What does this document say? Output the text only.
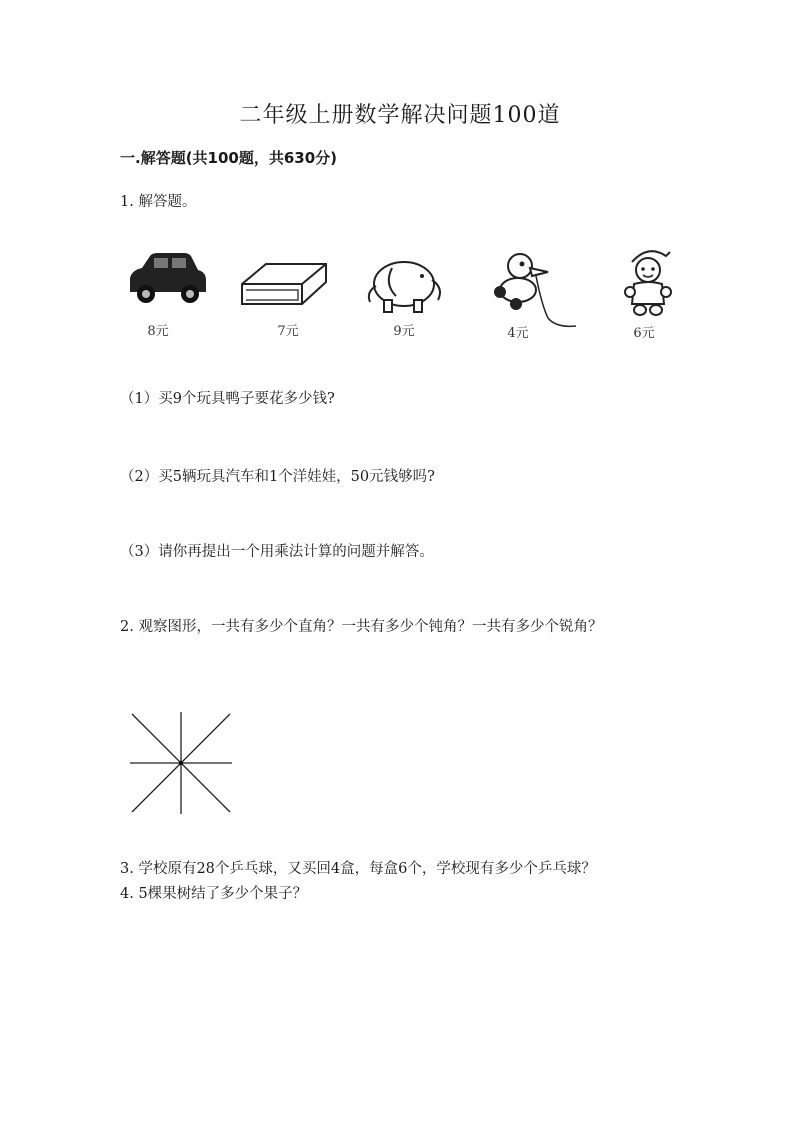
二年级上册数学解决问题100道
一.解答题(共100题，共630分)
1. 解答题。
8元	7元	9元	4元	6元
（1）买9个玩具鸭子要花多少钱?
（2）买5辆玩具汽车和1个洋娃娃，50元钱够吗?
（3）请你再提出一个用乘法计算的问题并解答。
2. 观察图形，一共有多少个直角？一共有多少个钝角？一共有多少个锐角？
3. 学校原有28个乒乓球，又买回4盒，每盒6个，学校现有多少个乒乓球？
4. 5棵果树结了多少个果子？
